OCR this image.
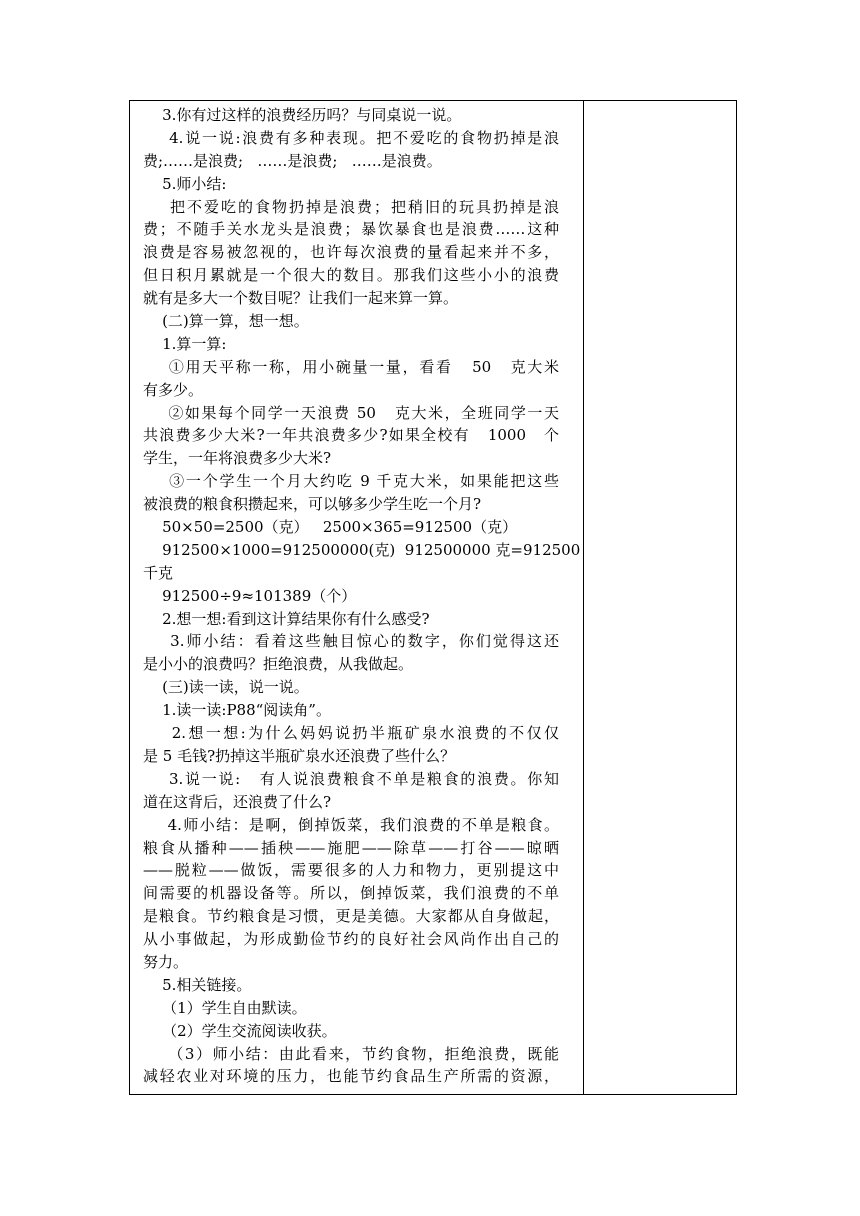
3.你有过这样的浪费经历吗？与同桌说一说。
4.说一说:浪费有多种表现。把不爱吃的食物扔掉是浪
费;……是浪费;   ……是浪费;   ……是浪费。
5.师小结:
把不爱吃的食物扔掉是浪费；把稍旧的玩具扔掉是浪
费；不随手关水龙头是浪费；暴饮暴食也是浪费……这种
浪费是容易被忽视的，也许每次浪费的量看起来并不多，
但日积月累就是一个很大的数目。那我们这些小小的浪费
就有是多大一个数目呢？让我们一起来算一算。
(二)算一算，想一想。
1.算一算:
①用天平称一称，用小碗量一量，看看   50   克大米
有多少。
②如果每个同学一天浪费 50   克大米，全班同学一天
共浪费多少大米?一年共浪费多少?如果全校有   1000   个
学生，一年将浪费多少大米?
③一个学生一个月大约吃 9 千克大米，如果能把这些
被浪费的粮食积攒起来，可以够多少学生吃一个月?
50×50=2500（克）   2500×365=912500（克）
912500×1000=912500000(克)  912500000 克=912500
千克
912500÷9≈101389（个）
2.想一想:看到这计算结果你有什么感受?
3.师小结：看着这些触目惊心的数字，你们觉得这还
是小小的浪费吗？拒绝浪费，从我做起。
(三)读一读，说一说。
1.读一读:P88“阅读角”。
2.想一想:为什么妈妈说扔半瓶矿泉水浪费的不仅仅
是 5 毛钱?扔掉这半瓶矿泉水还浪费了些什么？
3.说一说:   有人说浪费粮食不单是粮食的浪费。你知
道在这背后，还浪费了什么?
4.师小结：是啊，倒掉饭菜，我们浪费的不单是粮食。
粮食从播种——插秧——施肥——除草——打谷——晾晒
——脱粒——做饭，需要很多的人力和物力，更别提这中
间需要的机器设备等。所以，倒掉饭菜，我们浪费的不单
是粮食。节约粮食是习惯，更是美德。大家都从自身做起，
从小事做起，为形成勤俭节约的良好社会风尚作出自己的
努力。
5.相关链接。
（1）学生自由默读。
（2）学生交流阅读收获。
（3）师小结：由此看来，节约食物，拒绝浪费，既能
减轻农业对环境的压力，也能节约食品生产所需的资源，
